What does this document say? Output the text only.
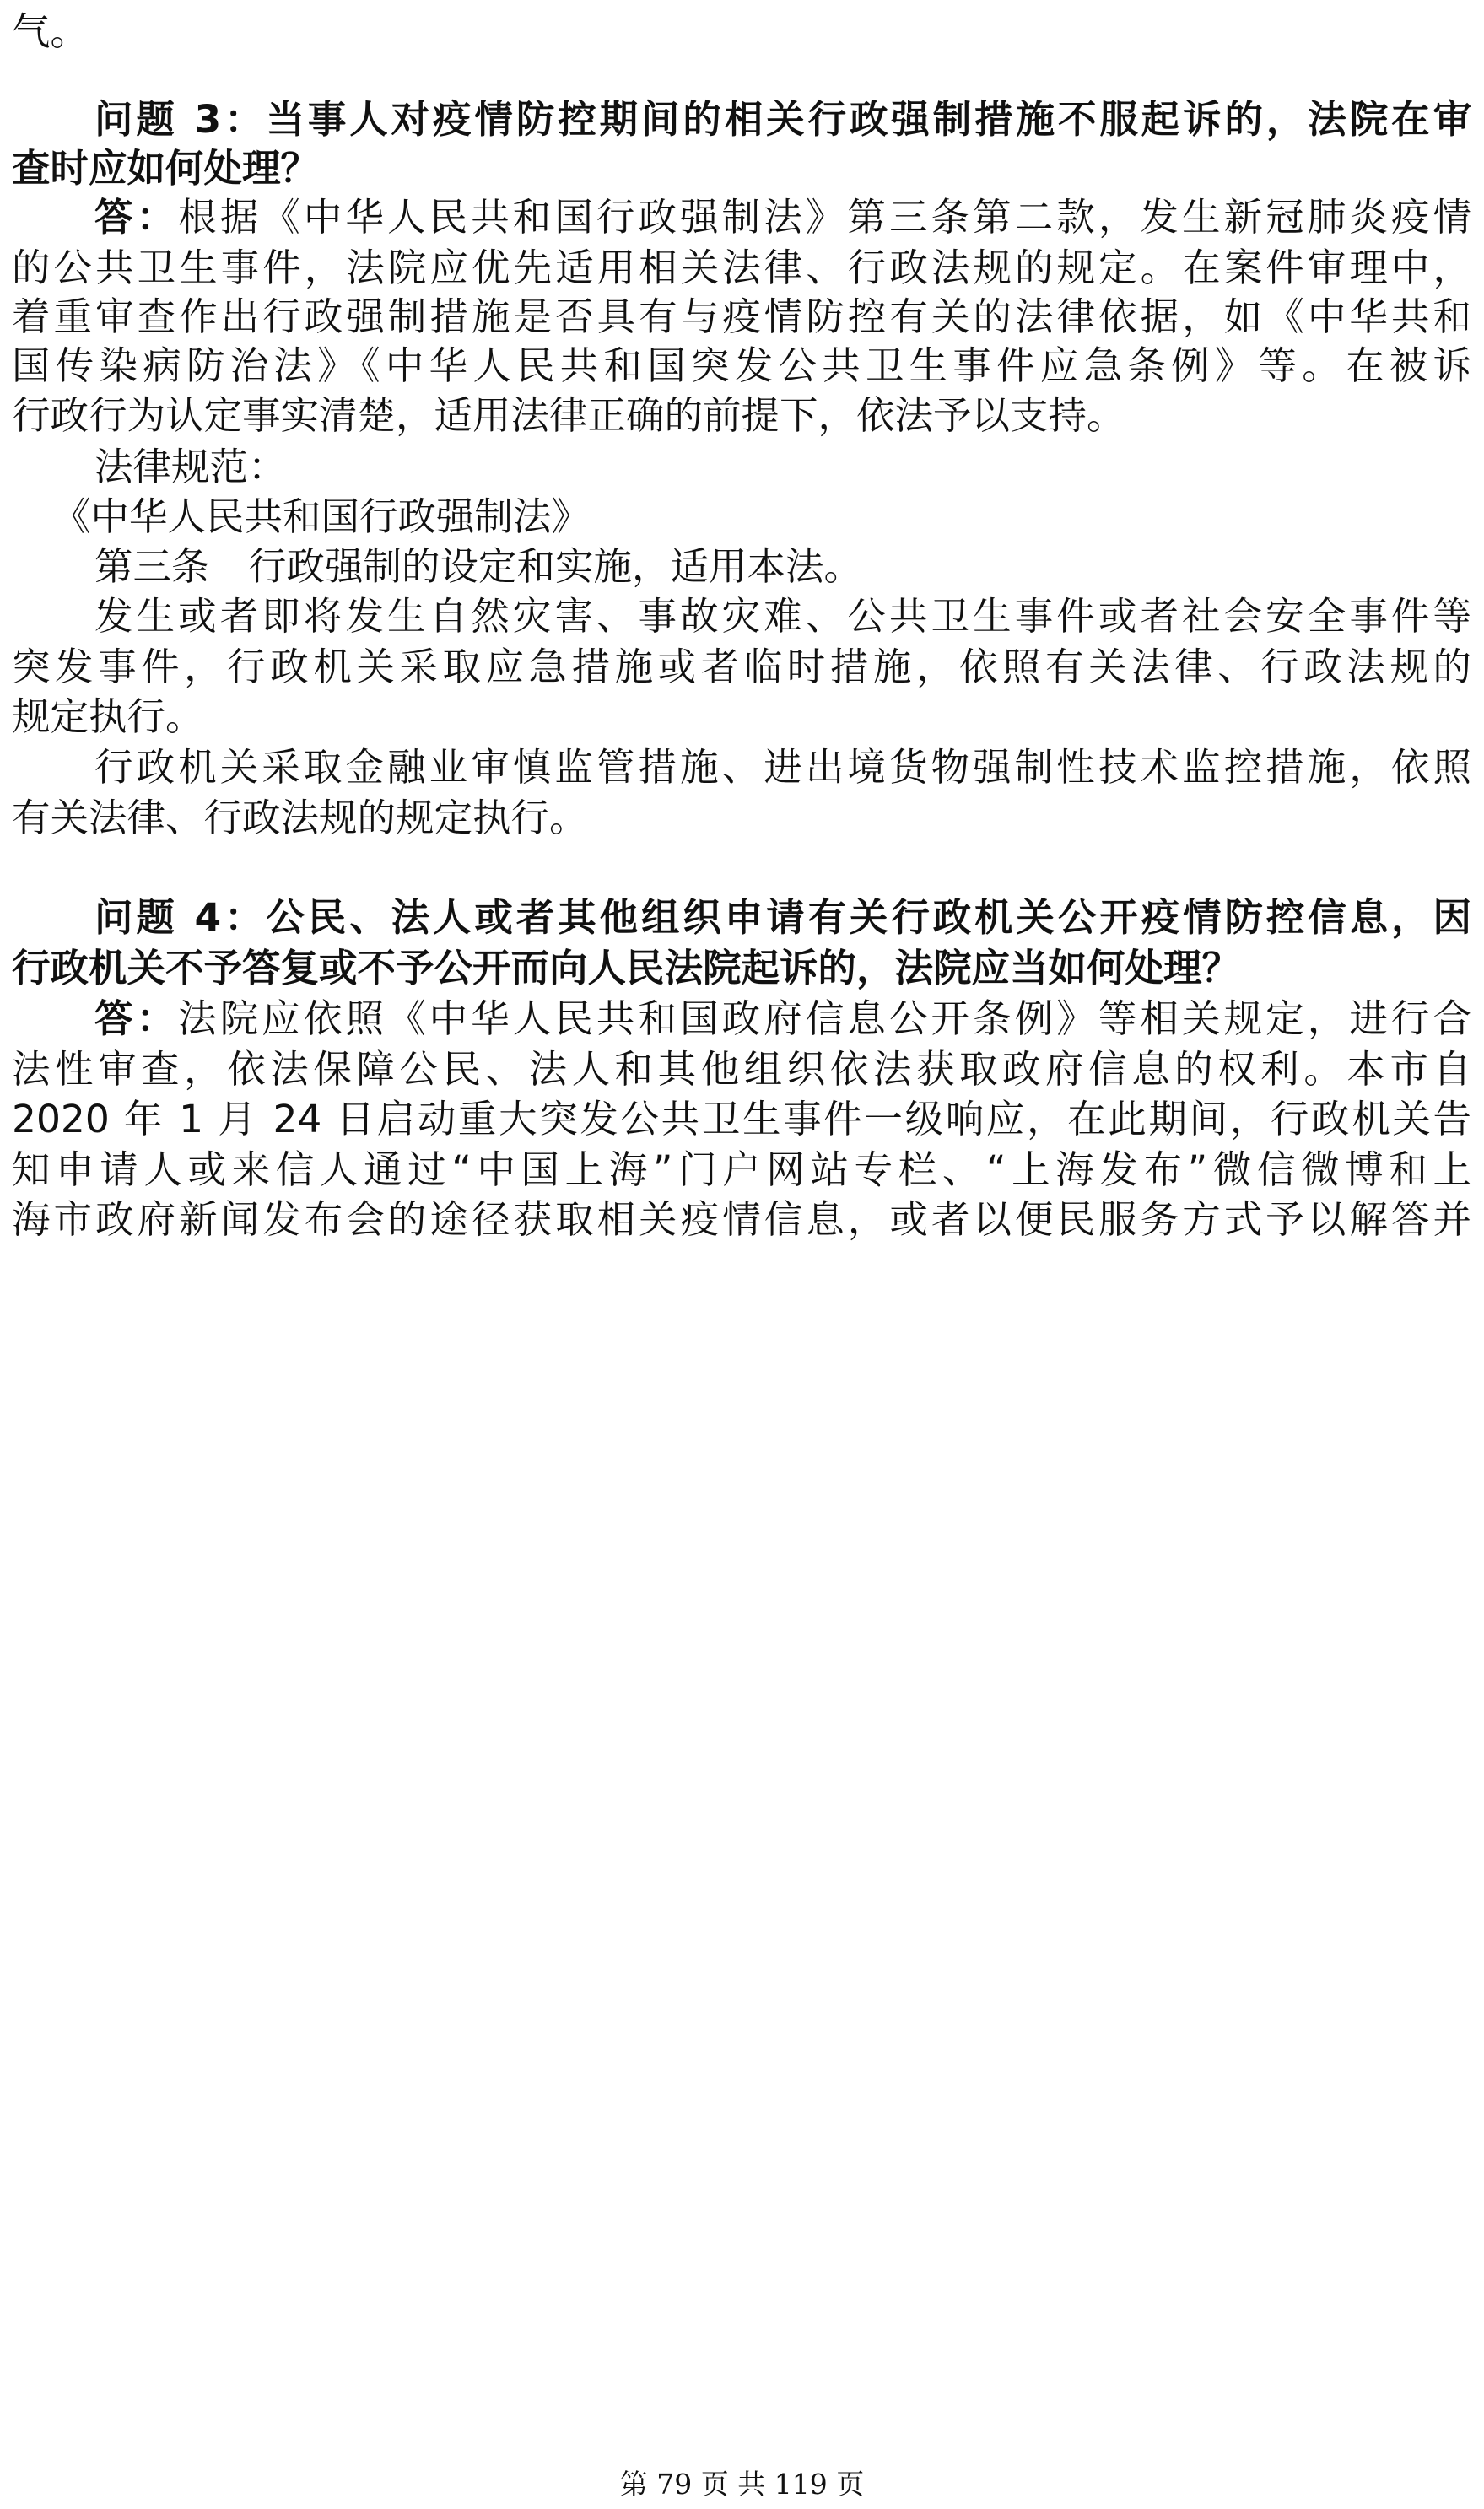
气。

问题 3：当事人对疫情防控期间的相关行政强制措施不服起诉的，法院在审

查时应如何处理？

答：根据《中华人民共和国行政强制法》第三条第二款，发生新冠肺炎疫情

的公共卫生事件，法院应优先适用相关法律、行政法规的规定。在案件审理中，

着重审查作出行政强制措施是否具有与疫情防控有关的法律依据，如《中华共和

国传染病防治法》《中华人民共和国突发公共卫生事件应急条例》等。在被诉

行政行为认定事实清楚，适用法律正确的前提下，依法予以支持。

法律规范：

《中华人民共和国行政强制法》

第三条　行政强制的设定和实施，适用本法。

发生或者即将发生自然灾害、事故灾难、公共卫生事件或者社会安全事件等

突发事件，行政机关采取应急措施或者临时措施，依照有关法律、行政法规的

规定执行。

行政机关采取金融业审慎监管措施、进出境货物强制性技术监控措施，依照

有关法律、行政法规的规定执行。

问题 4：公民、法人或者其他组织申请有关行政机关公开疫情防控信息，因

行政机关不予答复或不予公开而向人民法院起诉的，法院应当如何处理？

答：法院应依照《中华人民共和国政府信息公开条例》等相关规定，进行合

法性审查，依法保障公民、法人和其他组织依法获取政府信息的权利。本市自

2020 年 1 月 24 日启动重大突发公共卫生事件一级响应，在此期间，行政机关告

知申请人或来信人通过“中国上海”门户网站专栏、“上海发布”微信微博和上

海市政府新闻发布会的途径获取相关疫情信息，或者以便民服务方式予以解答并

第 79 页 共 119 页
